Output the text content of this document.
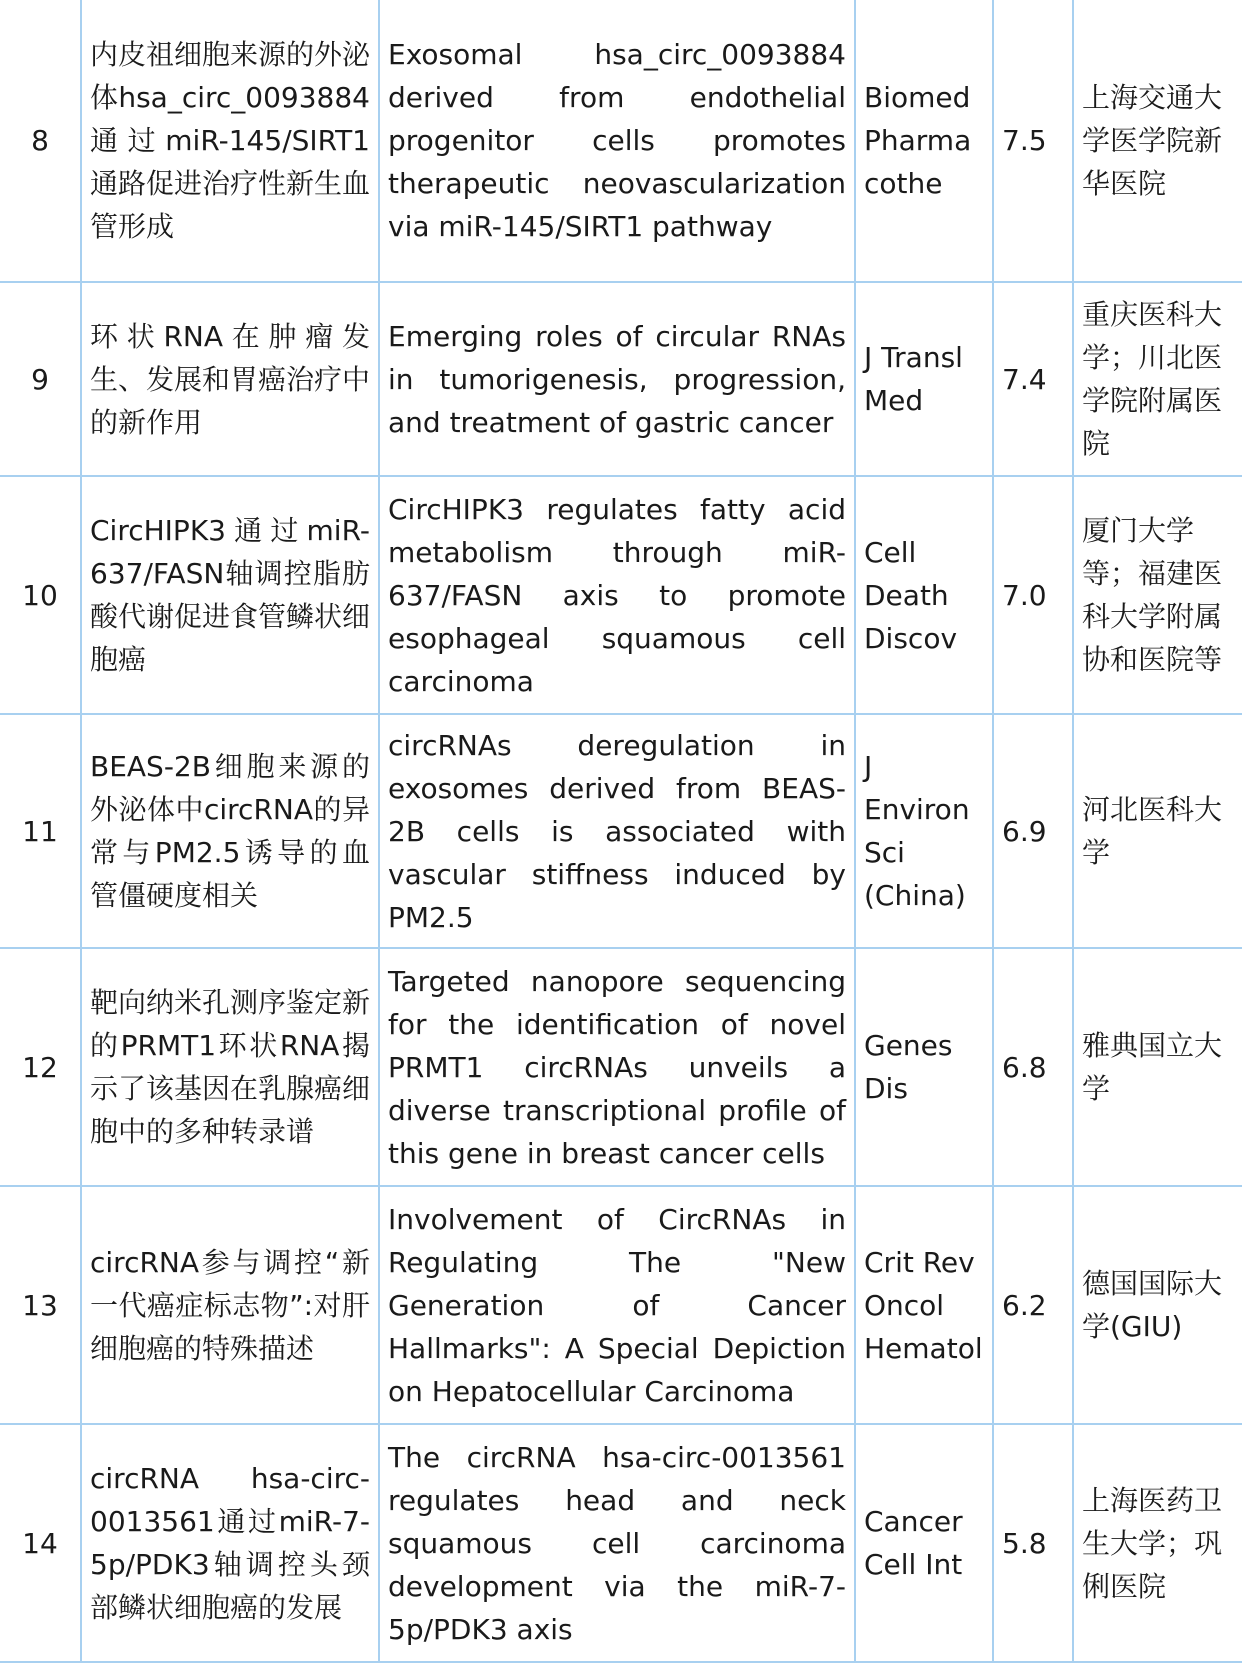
8	内皮祖细胞来源的外泌体hsa_circ_0093884通过miR-145/SIRT1通路促进治疗性新生血管形成	Exosomal hsa_circ_0093884 derived from endothelial progenitor cells promotes therapeutic neovascularization via miR-145/SIRT1 pathway	Biomed Pharmacothe	7.5	上海交通大学医学院新华医院
9	环状RNA在肿瘤发生、发展和胃癌治疗中的新作用	Emerging roles of circular RNAs in tumorigenesis, progression, and treatment of gastric cancer	J Transl Med	7.4	重庆医科大学；川北医学院附属医院
10	CircHIPK3通过miR-637/FASN轴调控脂肪酸代谢促进食管鳞状细胞癌	CircHIPK3 regulates fatty acid metabolism through miR-637/FASN axis to promote esophageal squamous cell carcinoma	Cell Death Discov	7.0	厦门大学等；福建医科大学附属协和医院等
11	BEAS-2B细胞来源的外泌体中circRNA的异常与PM2.5诱导的血管僵硬度相关	circRNAs deregulation in exosomes derived from BEAS-2B cells is associated with vascular stiffness induced by PM2.5	J Environ Sci (China)	6.9	河北医科大学
12	靶向纳米孔测序鉴定新的PRMT1环状RNA揭示了该基因在乳腺癌细胞中的多种转录谱	Targeted nanopore sequencing for the identification of novel PRMT1 circRNAs unveils a diverse transcriptional profile of this gene in breast cancer cells	Genes Dis	6.8	雅典国立大学
13	circRNA参与调控“新一代癌症标志物”:对肝细胞癌的特殊描述	Involvement of CircRNAs in Regulating The "New Generation of Cancer Hallmarks": A Special Depiction on Hepatocellular Carcinoma	Crit Rev Oncol Hematol	6.2	德国国际大学(GIU)
14	circRNA hsa-circ-0013561通过miR-7-5p/PDK3轴调控头颈部鳞状细胞癌的发展	The circRNA hsa-circ-0013561 regulates head and neck squamous cell carcinoma development via the miR-7-5p/PDK3 axis	Cancer Cell Int	5.8	上海医药卫生大学；巩俐医院
